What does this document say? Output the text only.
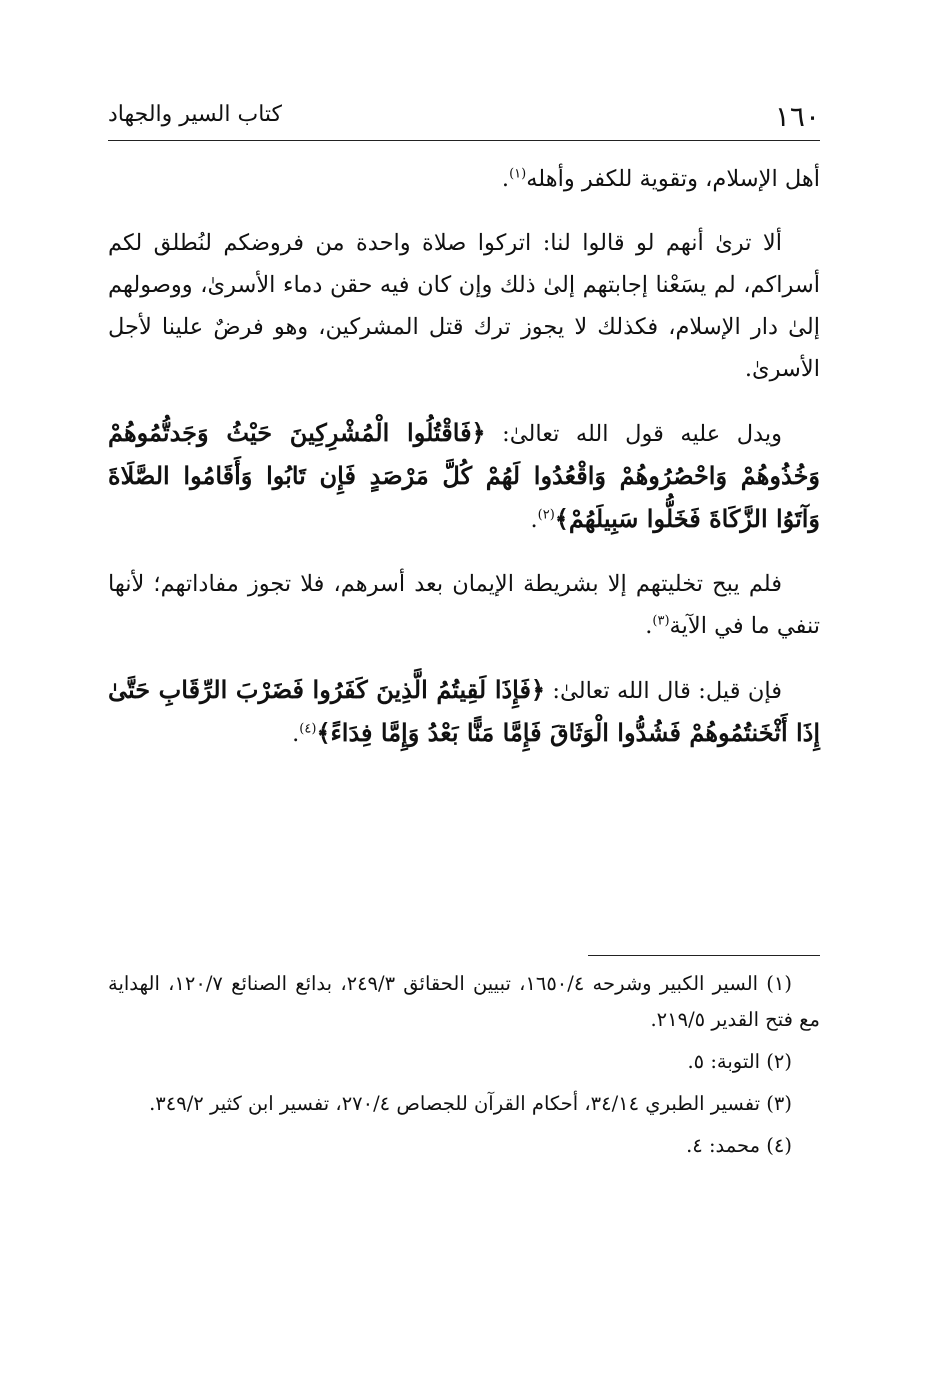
١٦٠
كتاب السير والجهاد

أهل الإسلام، وتقوية للكفر وأهله$^{(١)}$.

ألا ترىٰ أنهم لو قالوا لنا: اتركوا صلاة واحدة من فروضكم لنُطلق لكم أسراكم، لم يسَعْنا إجابتهم إلىٰ ذلك وإن كان فيه حقن دماء الأسرىٰ، ووصولهم إلىٰ دار الإسلام، فكذلك لا يجوز ترك قتل المشركين، وهو فرضٌ علينا لأجل الأسرىٰ.

ويدل عليه قول الله تعالىٰ: ﴿فَاقْتُلُوا الْمُشْرِكِينَ حَيْثُ وَجَدتُّمُوهُمْ وَخُذُوهُمْ وَاحْصُرُوهُمْ وَاقْعُدُوا لَهُمْ كُلَّ مَرْصَدٍ فَإِن تَابُوا وَأَقَامُوا الصَّلَاةَ وَآتَوُا الزَّكَاةَ فَخَلُّوا سَبِيلَهُمْ﴾$^{(٢)}$.

فلم يبح تخليتهم إلا بشريطة الإيمان بعد أسرهم، فلا تجوز مفاداتهم؛ لأنها تنفي ما في الآية$^{(٣)}$.

فإن قيل: قال الله تعالىٰ: ﴿فَإِذَا لَقِيتُمُ الَّذِينَ كَفَرُوا فَضَرْبَ الرِّقَابِ حَتَّىٰ إِذَا أَثْخَنتُمُوهُمْ فَشُدُّوا الْوَثَاقَ فَإِمَّا مَنًّا بَعْدُ وَإِمَّا فِدَاءً﴾$^{(٤)}$.

(١) السير الكبير وشرحه ١٦٥٠/٤، تبيين الحقائق ٢٤٩/٣، بدائع الصنائع ١٢٠/٧، الهداية مع فتح القدير ٢١٩/٥.

(٢) التوبة: ٥.

(٣) تفسير الطبري ٣٤/١٤، أحكام القرآن للجصاص ٢٧٠/٤، تفسير ابن كثير ٣٤٩/٢.

(٤) محمد: ٤.
